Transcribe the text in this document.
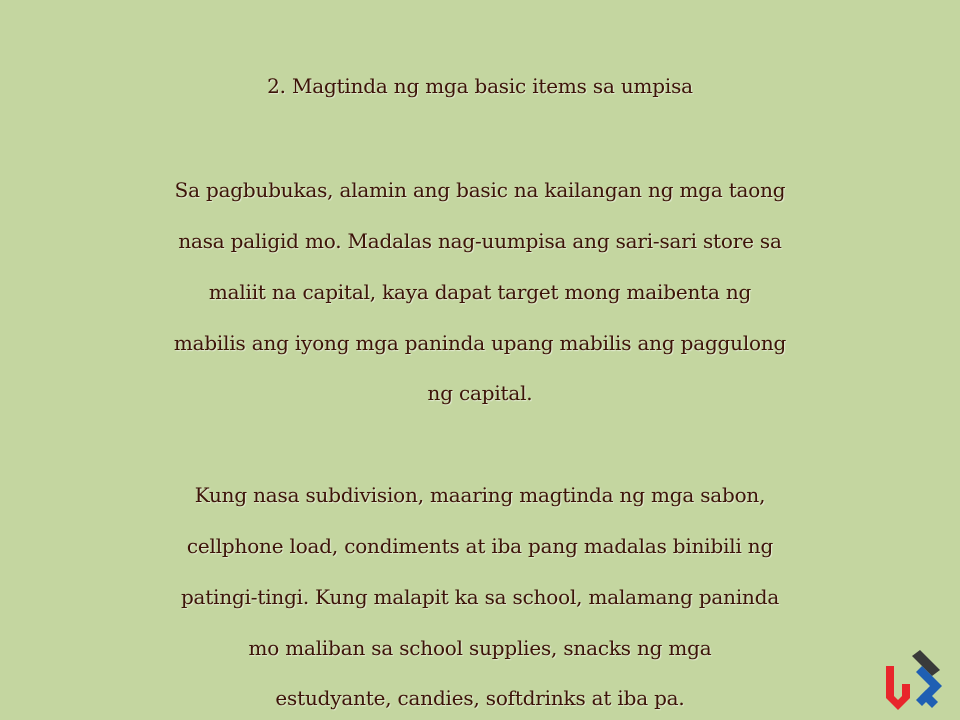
2. Magtinda ng mga basic items sa umpisa
Sa pagbubukas, alamin ang basic na kailangan ng mga taong
nasa paligid mo. Madalas nag-uumpisa ang sari-sari store sa
maliit na capital, kaya dapat target mong maibenta ng
mabilis ang iyong mga paninda upang mabilis ang paggulong
ng capital.
Kung nasa subdivision, maaring magtinda ng mga sabon,
cellphone load, condiments at iba pang madalas binibili ng
patingi-tingi. Kung malapit ka sa school, malamang paninda
mo maliban sa school supplies, snacks ng mga
estudyante, candies, softdrinks at iba pa.
